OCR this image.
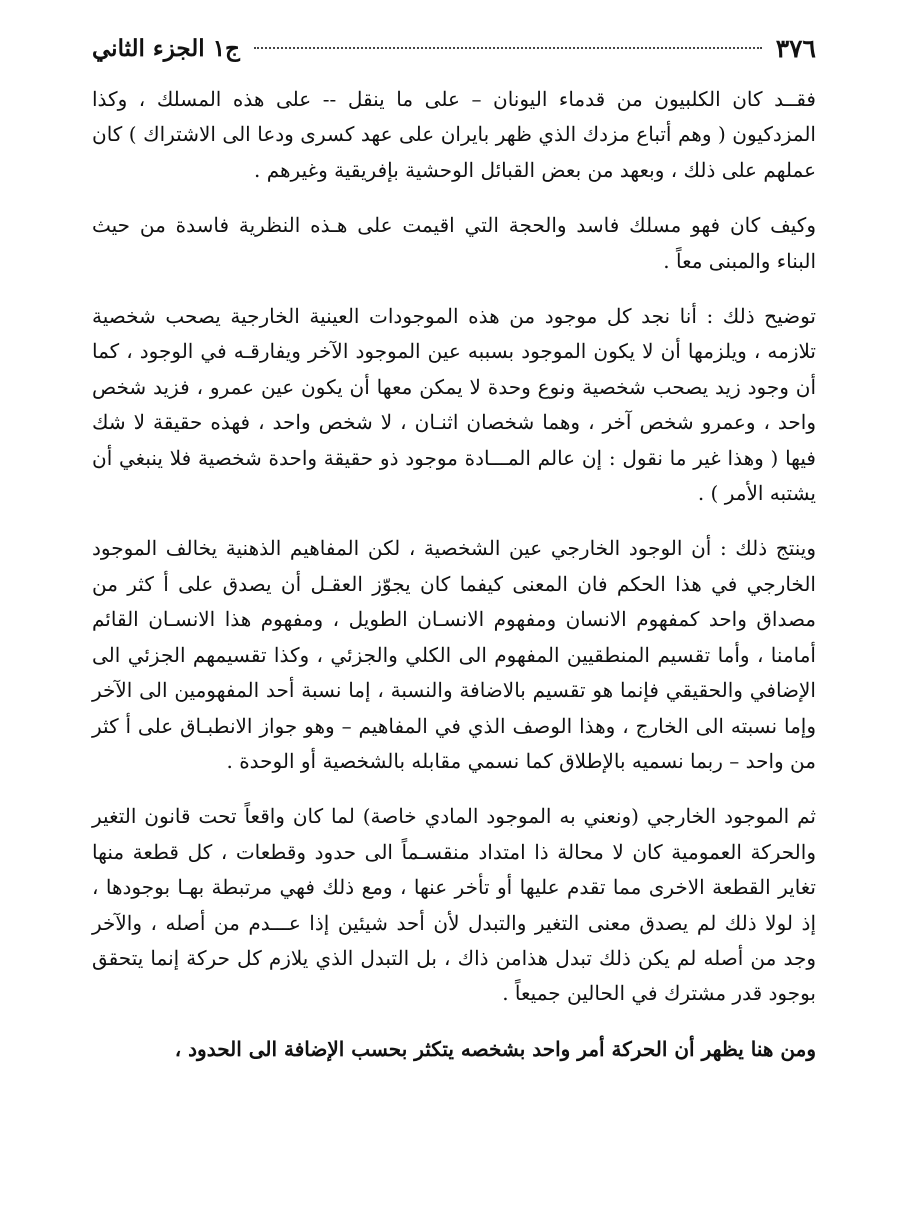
٣٧٦
ج١ الجزء الثاني

فقــد كان الكلبيون من قدماء اليونان – على ما ينقل -- على هذه المسلك ، وكذا المزدكيون ( وهم أتباع مزدك الذي ظهر بايران على عهد كسرى ودعا الى الاشتراك ) كان عملهم على ذلك ، وبعهد من بعض القبائل الوحشية بإفريقية وغيرهم .

وكيف كان فهو مسلك فاسد والحجة التي اقيمت على هـذه النظرية فاسدة من حيث البناء والمبنى معاً .

توضيح ذلك : أنا نجد كل موجود من هذه الموجودات العينية الخارجية يصحب شخصية تلازمه ، ويلزمها أن لا يكون الموجود بسببه عين الموجود الآخر ويفارقـه في الوجود ، كما أن وجود زيد يصحب شخصية ونوع وحدة لا يمكن معها أن يكون عين عمرو ، فزيد شخص واحد ، وعمرو شخص آخر ، وهما شخصان اثنـان ، لا شخص واحد ، فهذه حقيقة لا شك فيها ( وهذا غير ما نقول : إن عالم المـــادة موجود ذو حقيقة واحدة شخصية فلا ينبغي أن يشتبه الأمر ) .

وينتج ذلك : أن الوجود الخارجي عين الشخصية ، لكن المفاهيم الذهنية يخالف الموجود الخارجي في هذا الحكم فان المعنى كيفما كان يجوّز العقـل أن يصدق على أ كثر من مصداق واحد كمفهوم الانسان ومفهوم الانسـان الطويل ، ومفهوم هذا الانسـان القائم أمامنا ، وأما تقسيم المنطقيين المفهوم الى الكلي والجزئي ، وكذا تقسيمهم الجزئي الى الإضافي والحقيقي فإنما هو تقسيم بالاضافة والنسبة ، إما نسبة أحد المفهومين الى الآخر وإما نسبته الى الخارج ، وهذا الوصف الذي في المفاهيم – وهو جواز الانطبـاق على أ كثر من واحد – ربما نسميه بالإطلاق كما نسمي مقابله بالشخصية أو الوحدة .

ثم الموجود الخارجي (ونعني به الموجود المادي خاصة) لما كان واقعاً تحت قانون التغير والحركة العمومية كان لا محالة ذا امتداد منقسـماً الى حدود وقطعات ، كل قطعة منها تغاير القطعة الاخرى مما تقدم عليها أو تأخر عنها ، ومع ذلك فهي مرتبطة بهـا بوجودها ، إذ لولا ذلك لم يصدق معنى التغير والتبدل لأن أحد شيئين إذا عـــدم من أصله ، والآخر وجد من أصله لم يكن ذلك تبدل هذامن ذاك ، بل التبدل الذي يلازم كل حركة إنما يتحقق بوجود قدر مشترك في الحالين جميعاً .

ومن هنا يظهر أن الحركة أمر واحد بشخصه يتكثر بحسب الإضافة الى الحدود ،
